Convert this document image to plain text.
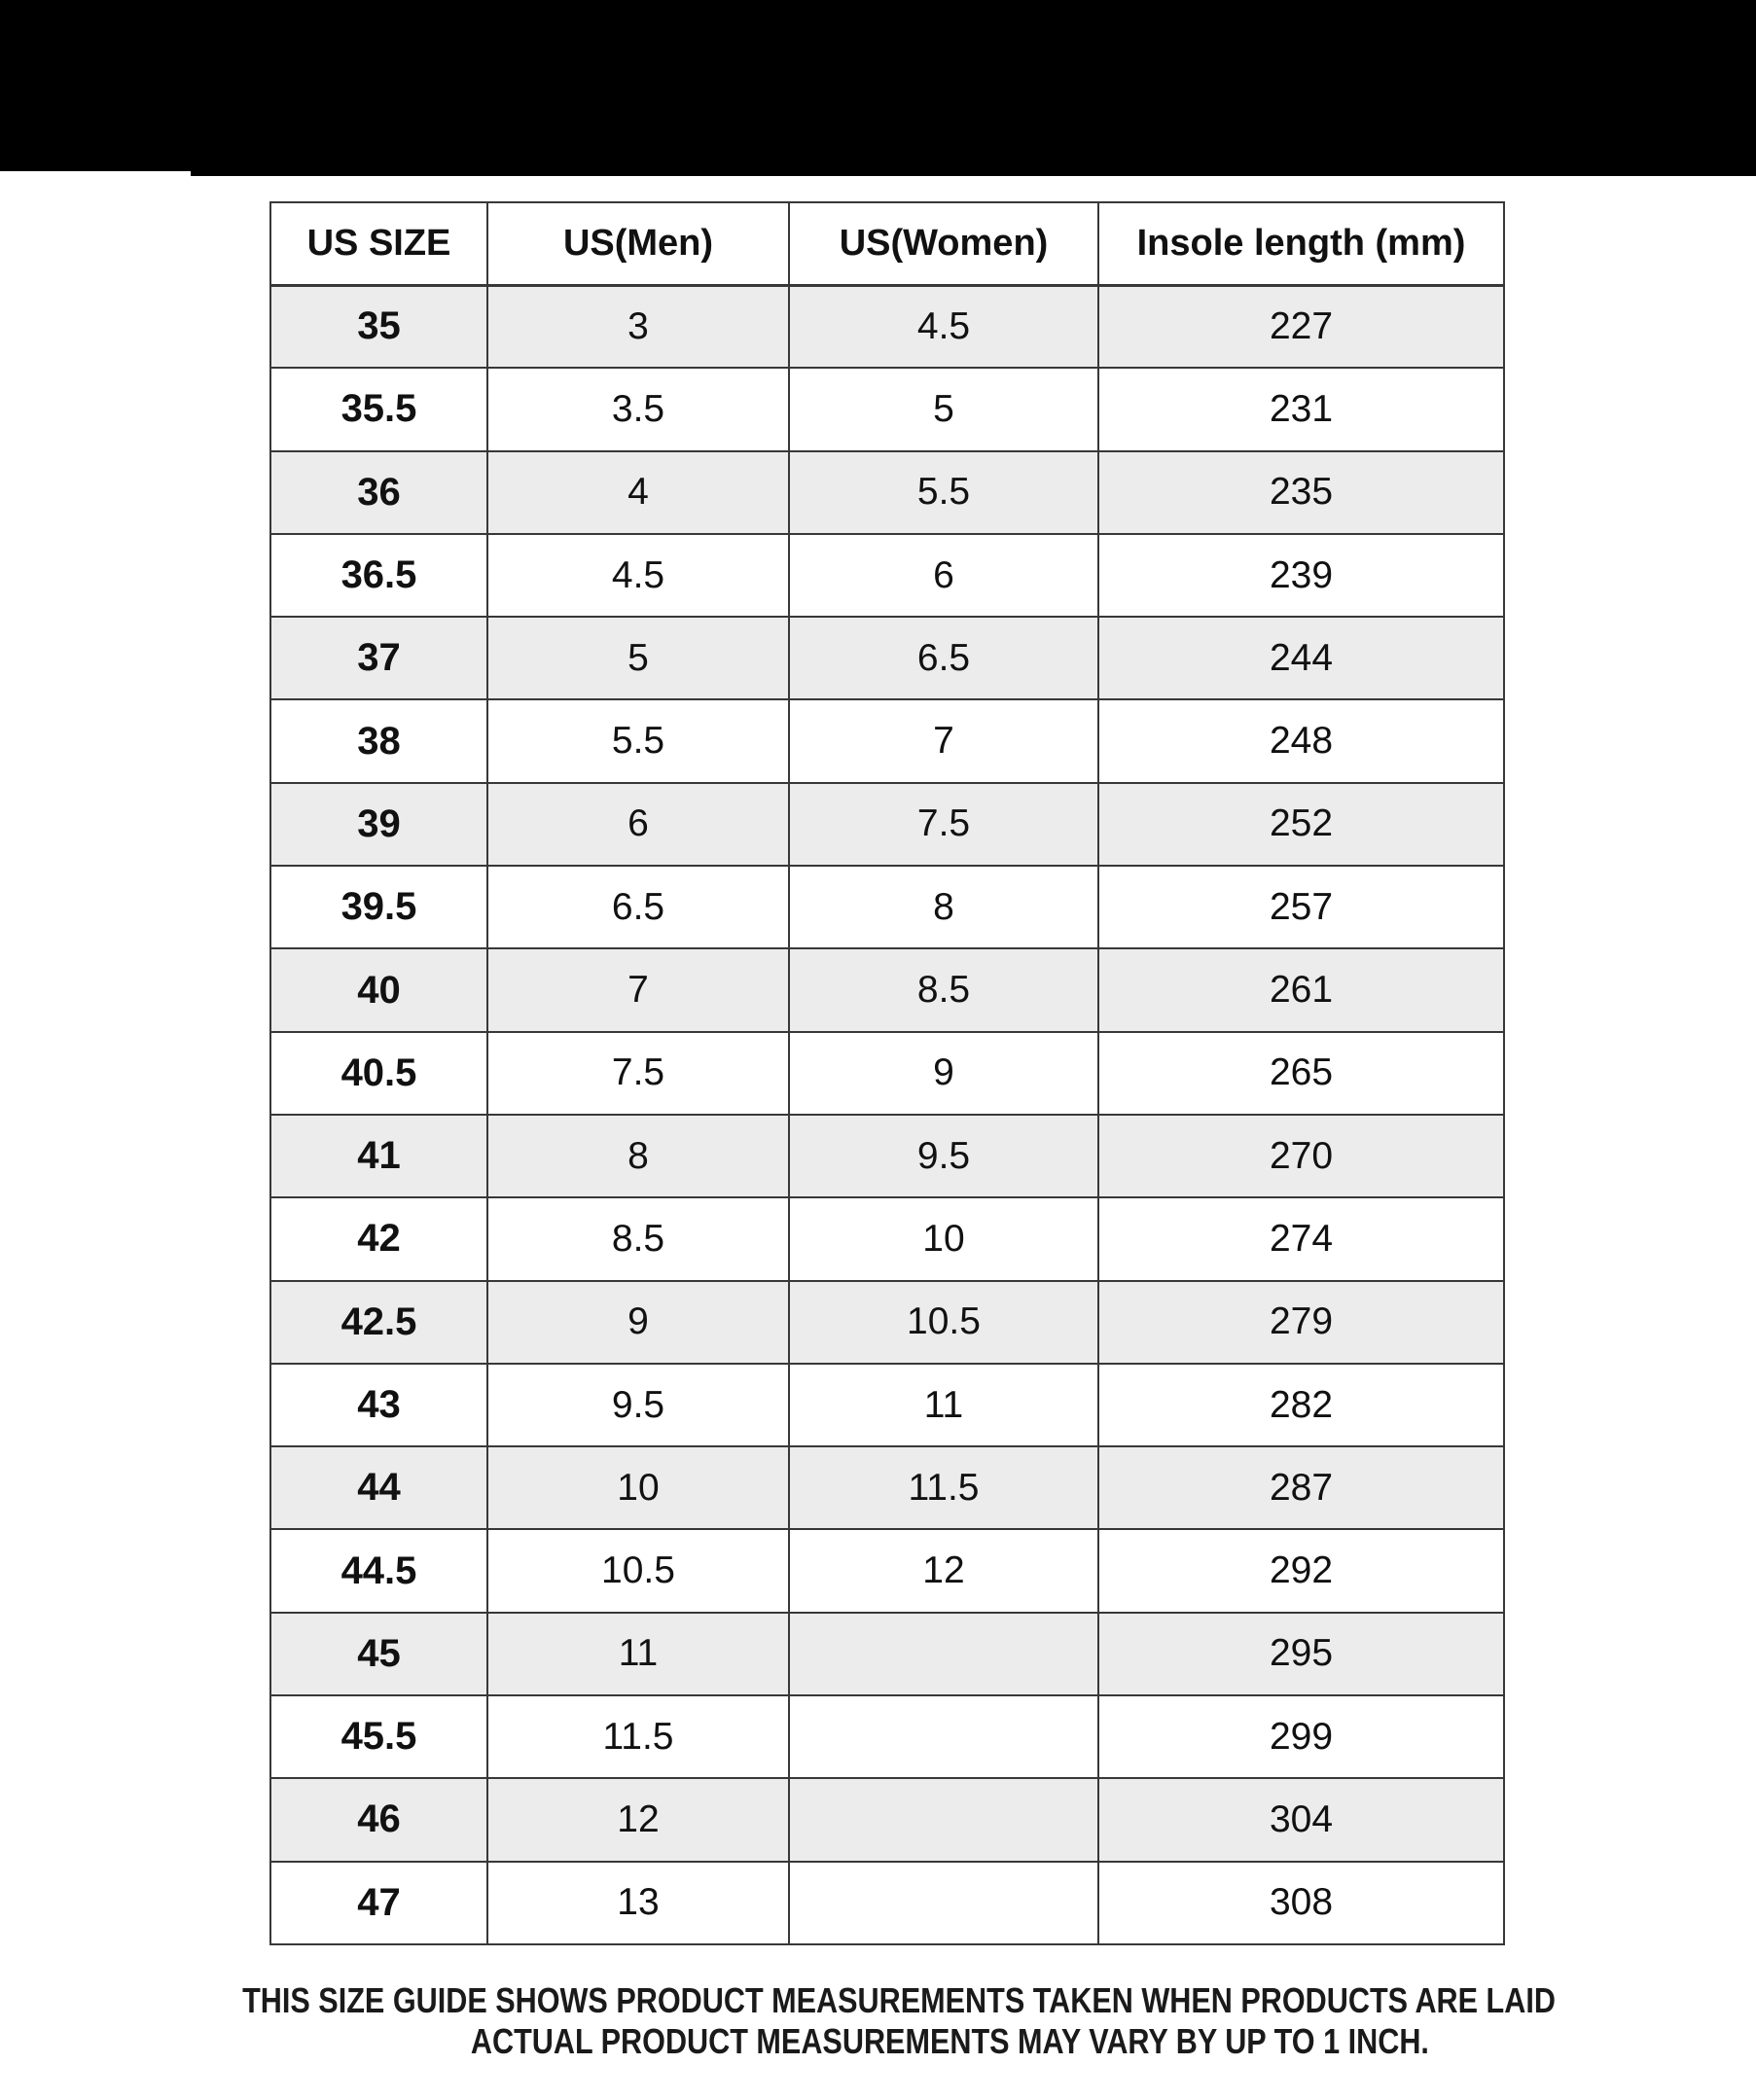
US SIZE	US(Men)	US(Women)	Insole length (mm)
35	3	4.5	227
35.5	3.5	5	231
36	4	5.5	235
36.5	4.5	6	239
37	5	6.5	244
38	5.5	7	248
39	6	7.5	252
39.5	6.5	8	257
40	7	8.5	261
40.5	7.5	9	265
41	8	9.5	270
42	8.5	10	274
42.5	9	10.5	279
43	9.5	11	282
44	10	11.5	287
44.5	10.5	12	292
45	11		295
45.5	11.5		299
46	12		304
47	13		308
THIS SIZE GUIDE SHOWS PRODUCT MEASUREMENTS TAKEN WHEN PRODUCTS ARE LAID
ACTUAL PRODUCT MEASUREMENTS MAY VARY BY UP TO 1 INCH.
